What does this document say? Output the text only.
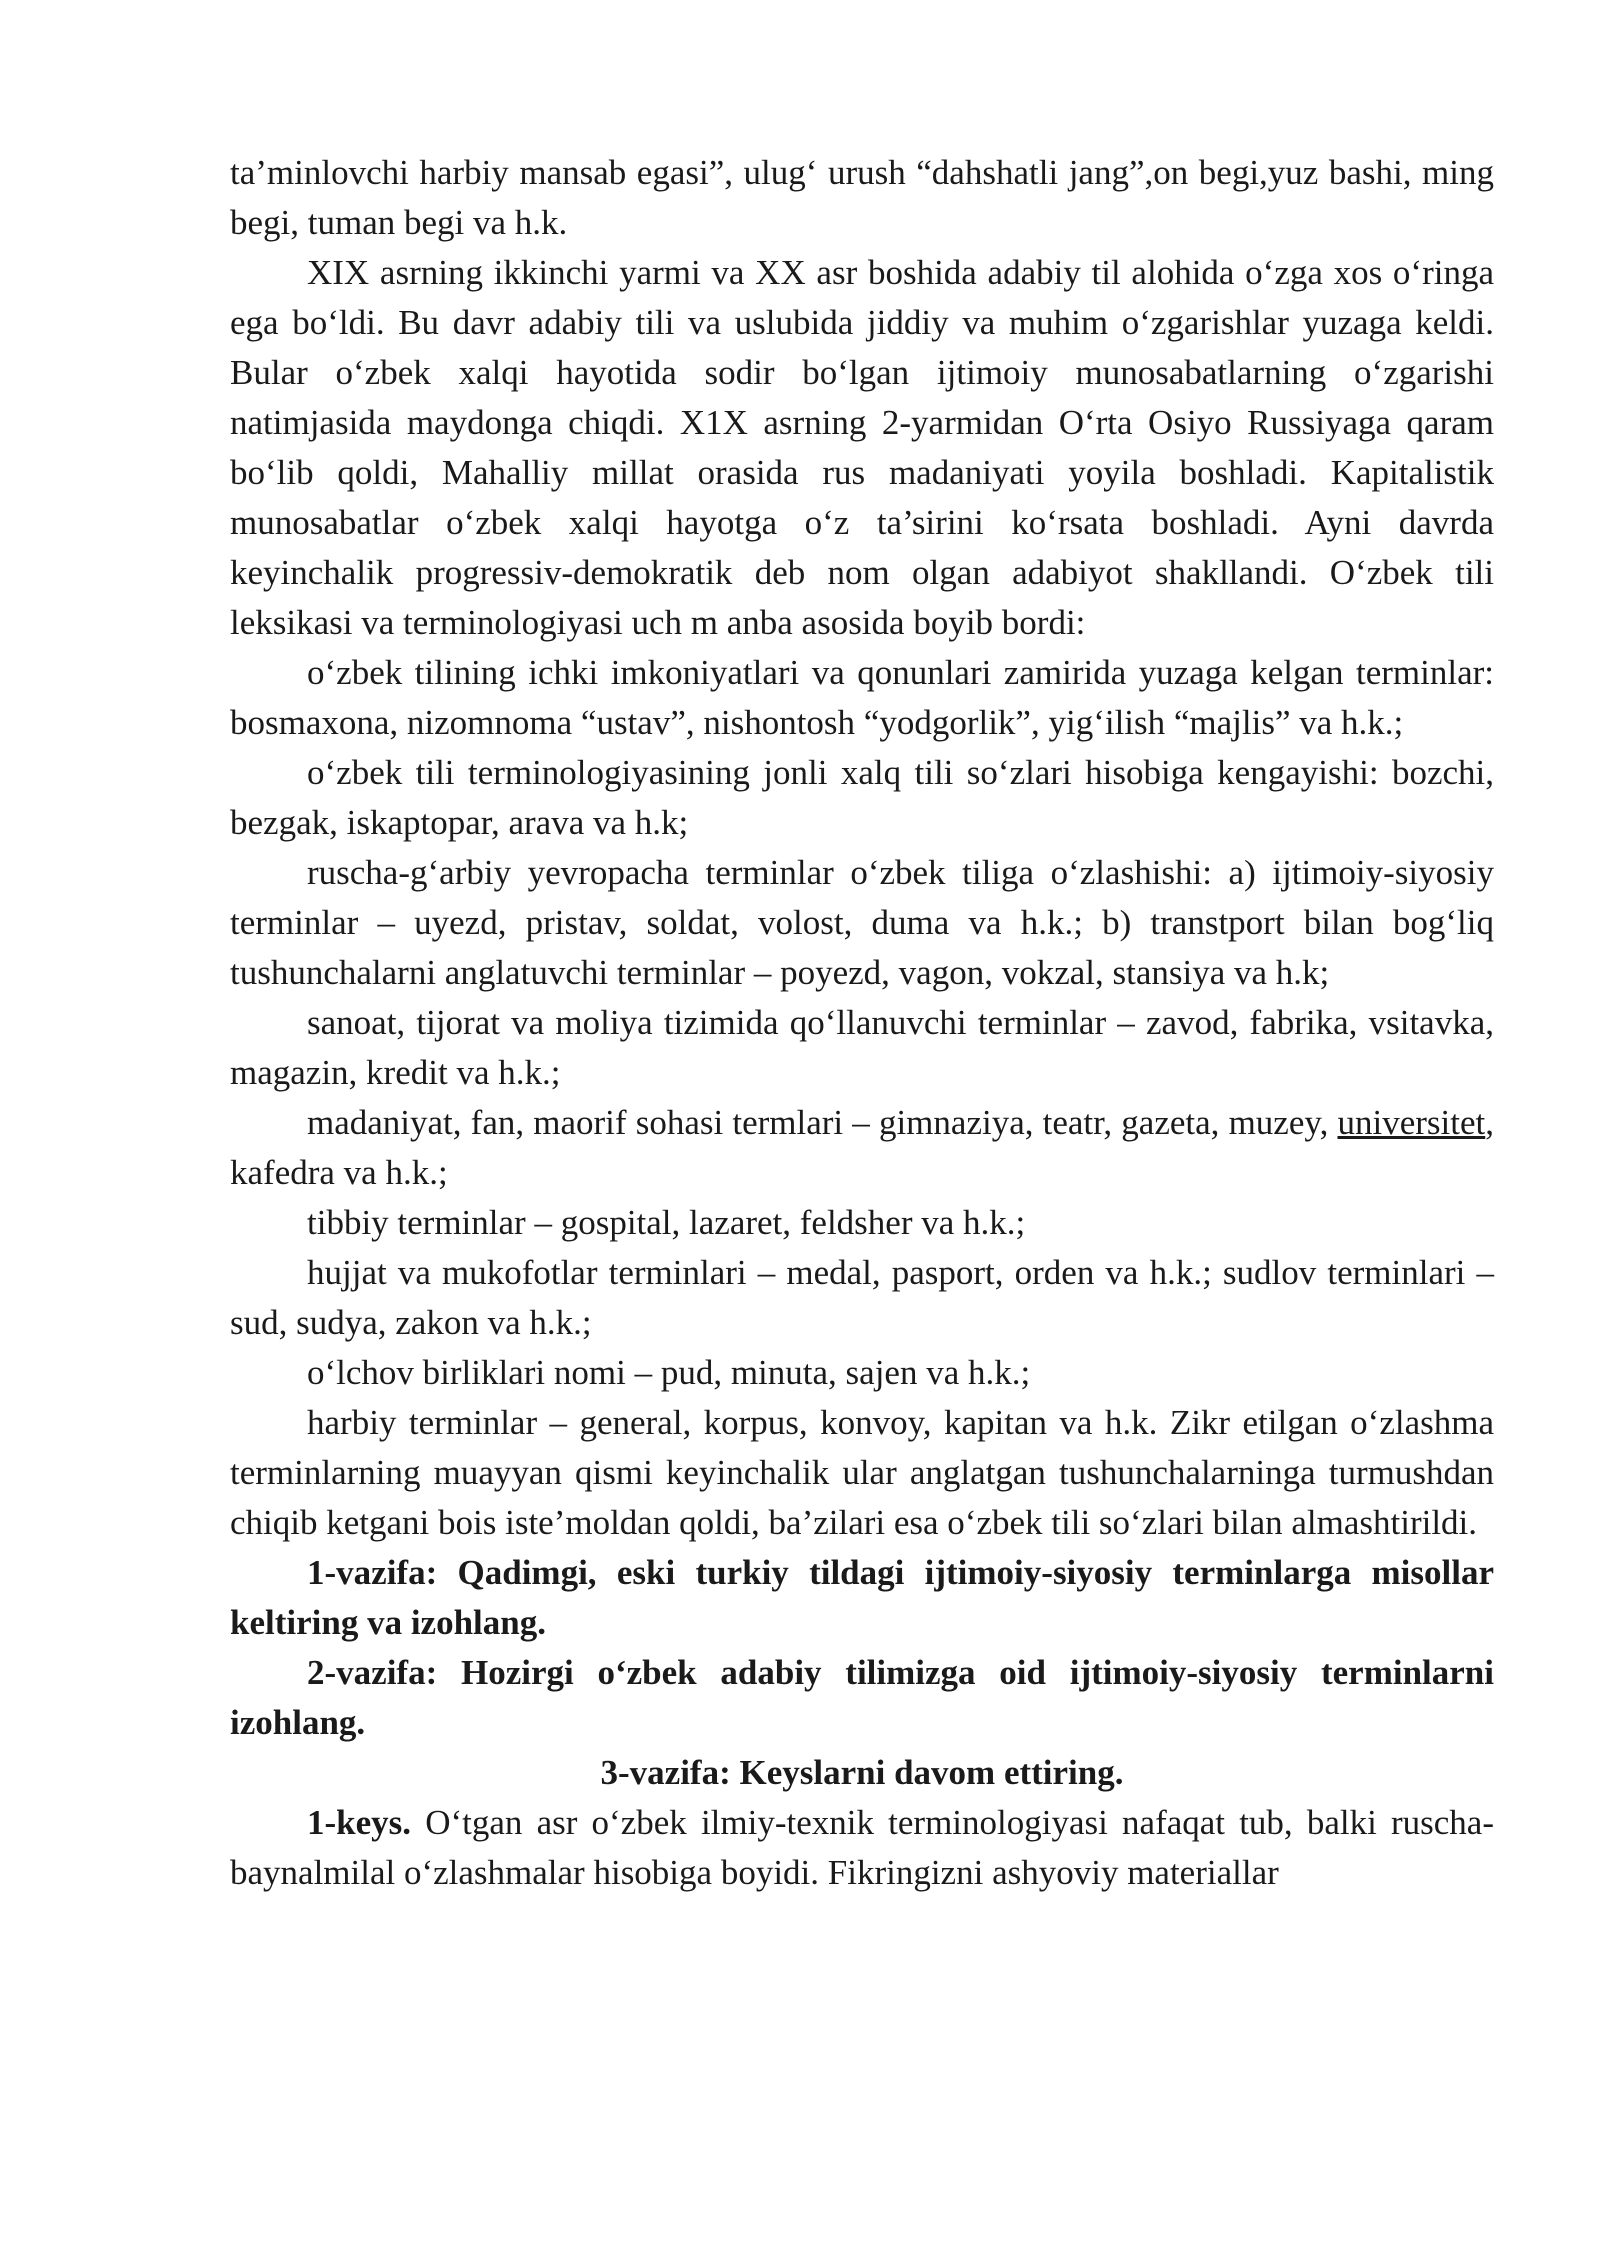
ta’minlovchi harbiy mansab egasi”, ulug‘ urush “dahshatli jang”,on begi,yuz bashi, ming begi, tuman begi va h.k.

XIX asrning ikkinchi yarmi va XX asr boshida adabiy til alohida o‘zga xos o‘ringa ega bo‘ldi. Bu davr adabiy tili va uslubida jiddiy va muhim o‘zgarishlar yuzaga keldi. Bular o‘zbek xalqi hayotida sodir bo‘lgan ijtimoiy munosabatlarning o‘zgarishi natimjasida maydonga chiqdi. X1X asrning 2-yarmidan O‘rta Osiyo Russiyaga qaram bo‘lib qoldi, Mahalliy millat orasida rus madaniyati yoyila boshladi. Kapitalistik munosabatlar o‘zbek xalqi hayotga o‘z ta’sirini ko‘rsata boshladi. Ayni davrda keyinchalik progressiv-demokratik deb nom olgan adabiyot shakllandi. O‘zbek tili leksikasi va terminologiyasi uch m anba asosida boyib bordi:

o‘zbek tilining ichki imkoniyatlari va qonunlari zamirida yuzaga kelgan terminlar: bosmaxona, nizomnoma “ustav”, nishontosh “yodgorlik”, yig‘ilish “majlis” va h.k.;

o‘zbek tili terminologiyasining jonli xalq tili so‘zlari hisobiga kengayishi: bozchi, bezgak, iskaptopar, arava va h.k;

ruscha-g‘arbiy yevropacha terminlar o‘zbek tiliga o‘zlashishi: a) ijtimoiy-siyosiy terminlar – uyezd, pristav, soldat, volost, duma va h.k.; b) transtport bilan bog‘liq tushunchalarni anglatuvchi terminlar – poyezd, vagon, vokzal, stansiya va h.k;

sanoat, tijorat va moliya tizimida qo‘llanuvchi terminlar – zavod, fabrika, vsitavka, magazin, kredit va h.k.;

madaniyat, fan, maorif sohasi termlari – gimnaziya, teatr, gazeta, muzey, universitet, kafedra va h.k.;

tibbiy terminlar – gospital, lazaret, feldsher va h.k.;

hujjat va mukofotlar terminlari – medal, pasport, orden va h.k.; sudlov terminlari – sud, sudya, zakon va h.k.;

o‘lchov birliklari nomi – pud, minuta, sajen va h.k.;

harbiy terminlar – general, korpus, konvoy, kapitan va h.k. Zikr etilgan o‘zlashma terminlarning muayyan qismi keyinchalik ular anglatgan tushunchalarninga turmushdan chiqib ketgani bois iste’moldan qoldi, ba’zilari esa o‘zbek tili so‘zlari bilan almashtirildi.

1-vazifa: Qadimgi, eski turkiy tildagi ijtimoiy-siyosiy terminlarga misollar keltiring va izohlang.

2-vazifa: Hozirgi o‘zbek adabiy tilimizga oid ijtimoiy-siyosiy terminlarni izohlang.

3-vazifa: Keyslarni davom ettiring.

1-keys. O‘tgan asr o‘zbek ilmiy-texnik terminologiyasi nafaqat tub, balki ruscha-baynalmilal o‘zlashmalar hisobiga boyidi. Fikringizni ashyoviy materiallar
